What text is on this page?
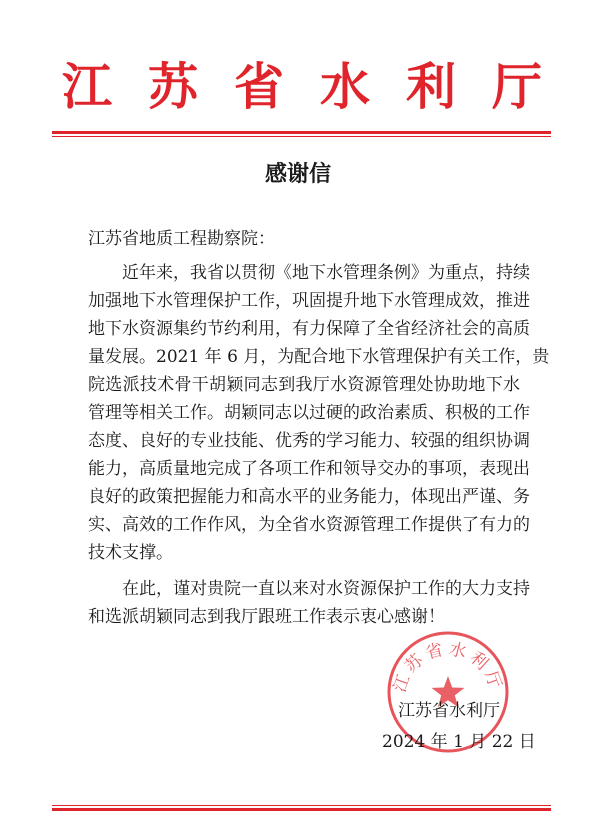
江 苏 省 水 利 厅
感谢信
江苏省地质工程勘察院：
近年来，我省以贯彻《地下水管理条例》为重点，持续
加强地下水管理保护工作，巩固提升地下水管理成效，推进
地下水资源集约节约利用，有力保障了全省经济社会的高质
量发展。2021 年 6 月，为配合地下水管理保护有关工作，贵
院选派技术骨干胡颖同志到我厅水资源管理处协助地下水
管理等相关工作。胡颖同志以过硬的政治素质、积极的工作
态度、良好的专业技能、优秀的学习能力、较强的组织协调
能力，高质量地完成了各项工作和领导交办的事项，表现出
良好的政策把握能力和高水平的业务能力，体现出严谨、务
实、高效的工作作风，为全省水资源管理工作提供了有力的
技术支撑。
在此，谨对贵院一直以来对水资源保护工作的大力支持
和选派胡颖同志到我厅跟班工作表示衷心感谢！
江苏省水利厅
江苏省水利厅
2024 年 1 月 22 日
